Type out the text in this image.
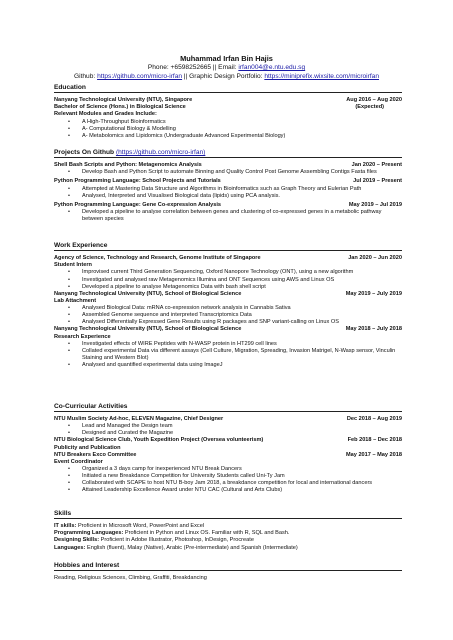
Muhammad Irfan Bin Hajis
Phone: +6598252665 || Email: irfan004@e.ntu.edu.sg
Github: https://github.com/micro-irfan || Graphic Design Portfolio: https://miniprefix.wixsite.com/microirfan
Education
Nanyang Technological University (NTU), Singapore	Aug 2016 – Aug 2020
Bachelor of Science (Hons.) in Biological Science	(Expected)
Relevant Modules and Grades Include:
• A High-Throughput Bioinformatics
• A- Computational Biology & Modelling
• A- Metabolomics and Lipidomics (Undergraduate Advanced Experimental Biology)
Projects On Github (https://github.com/micro-irfan)
Shell Bash Scripts and Python: Metagenomics Analysis	Jan 2020 – Present
• Develop Bash and Python Script to automate Binning and Quality Control Post Genome Assembling Contigs Fasta files
Python Programming Language: School Projects and Tutorials	Jul 2019 – Present
• Attempted at Mastering Data Structure and Algorithms in Bioinformatics such as Graph Theory and Eulerian Path
• Analysed, Interpreted and Visualised Biological data (lipids) using PCA analysis.
Python Programming Language: Gene Co-expression Analysis	May 2019 – Jul 2019
• Developed a pipeline to analyse correlation between genes and clustering of co-expressed genes in a metabolic pathway between species
Work Experience
Agency of Science, Technology and Research, Genome Institute of Singapore	Jan 2020 – Jun 2020
Student Intern
• Improvised current Third Generation Sequencing, Oxford Nanopore Technology (ONT), using a new algorithm
• Investigated and analysed raw Metagenomics Illumina and ONT Sequences using AWS and Linux OS
• Developed a pipeline to analyse Metagenomics Data with bash shell script
Nanyang Technological University (NTU), School of Biological Science	May 2019 – July 2019
Lab Attachment
• Analysed Biological Data: mRNA co-expression network analysis in Cannabis Sativa
• Assembled Genome sequence and interpreted Transcriptomics Data
• Analysed Differentially Expressed Gene Results using R packages and SNP variant-calling on Linux OS
Nanyang Technological University (NTU), School of Biological Science	May 2018 – July 2018
Research Experience
• Investigated effects of WIRE Peptides with N-WASP protein in HT299 cell lines
• Collated experimental Data via different assays (Cell Culture, Migration, Spreading, Invasion Matrigel, N-Wasp sensor, Vinculin Staining and Western Blot)
• Analysed and quantified experimental data using ImageJ
Co-Curricular Activities
NTU Muslim Society Ad-hoc, ELEVEN Magazine, Chief Designer	Dec 2018 – Aug 2019
• Lead and Managed the Design team
• Designed and Curated the Magazine
NTU Biological Science Club, Youth Expedition Project (Oversea volunteerism)	Feb 2018 – Dec 2018
Publicity and Publication
NTU Breakers Exco Committee	May 2017 – May 2018
Event Coordinator
• Organized a 3 days camp for inexperienced NTU Break Dancers
• Initiated a new Breakdance Competition for University Students called Uni-Ty Jam
• Collaborated with SCAPE to host NTU B-boy Jam 2018, a breakdance competition for local and international dancers
• Attained Leadership Excellence Award under NTU CAC (Cultural and Arts Clubs)
Skills
IT skills: Proficient in Microsoft Word, PowerPoint and Excel
Programming Languages: Proficient in Python and Linux OS. Familiar with R, SQL and Bash.
Designing Skills: Proficient in Adobe Illustrator, Photoshop, InDesign, Procreate
Languages: English (fluent), Malay (Native), Arabic (Pre-intermediate) and Spanish (Intermediate)
Hobbies and Interest
Reading, Religious Sciences, Climbing, Graffiti, Breakdancing
